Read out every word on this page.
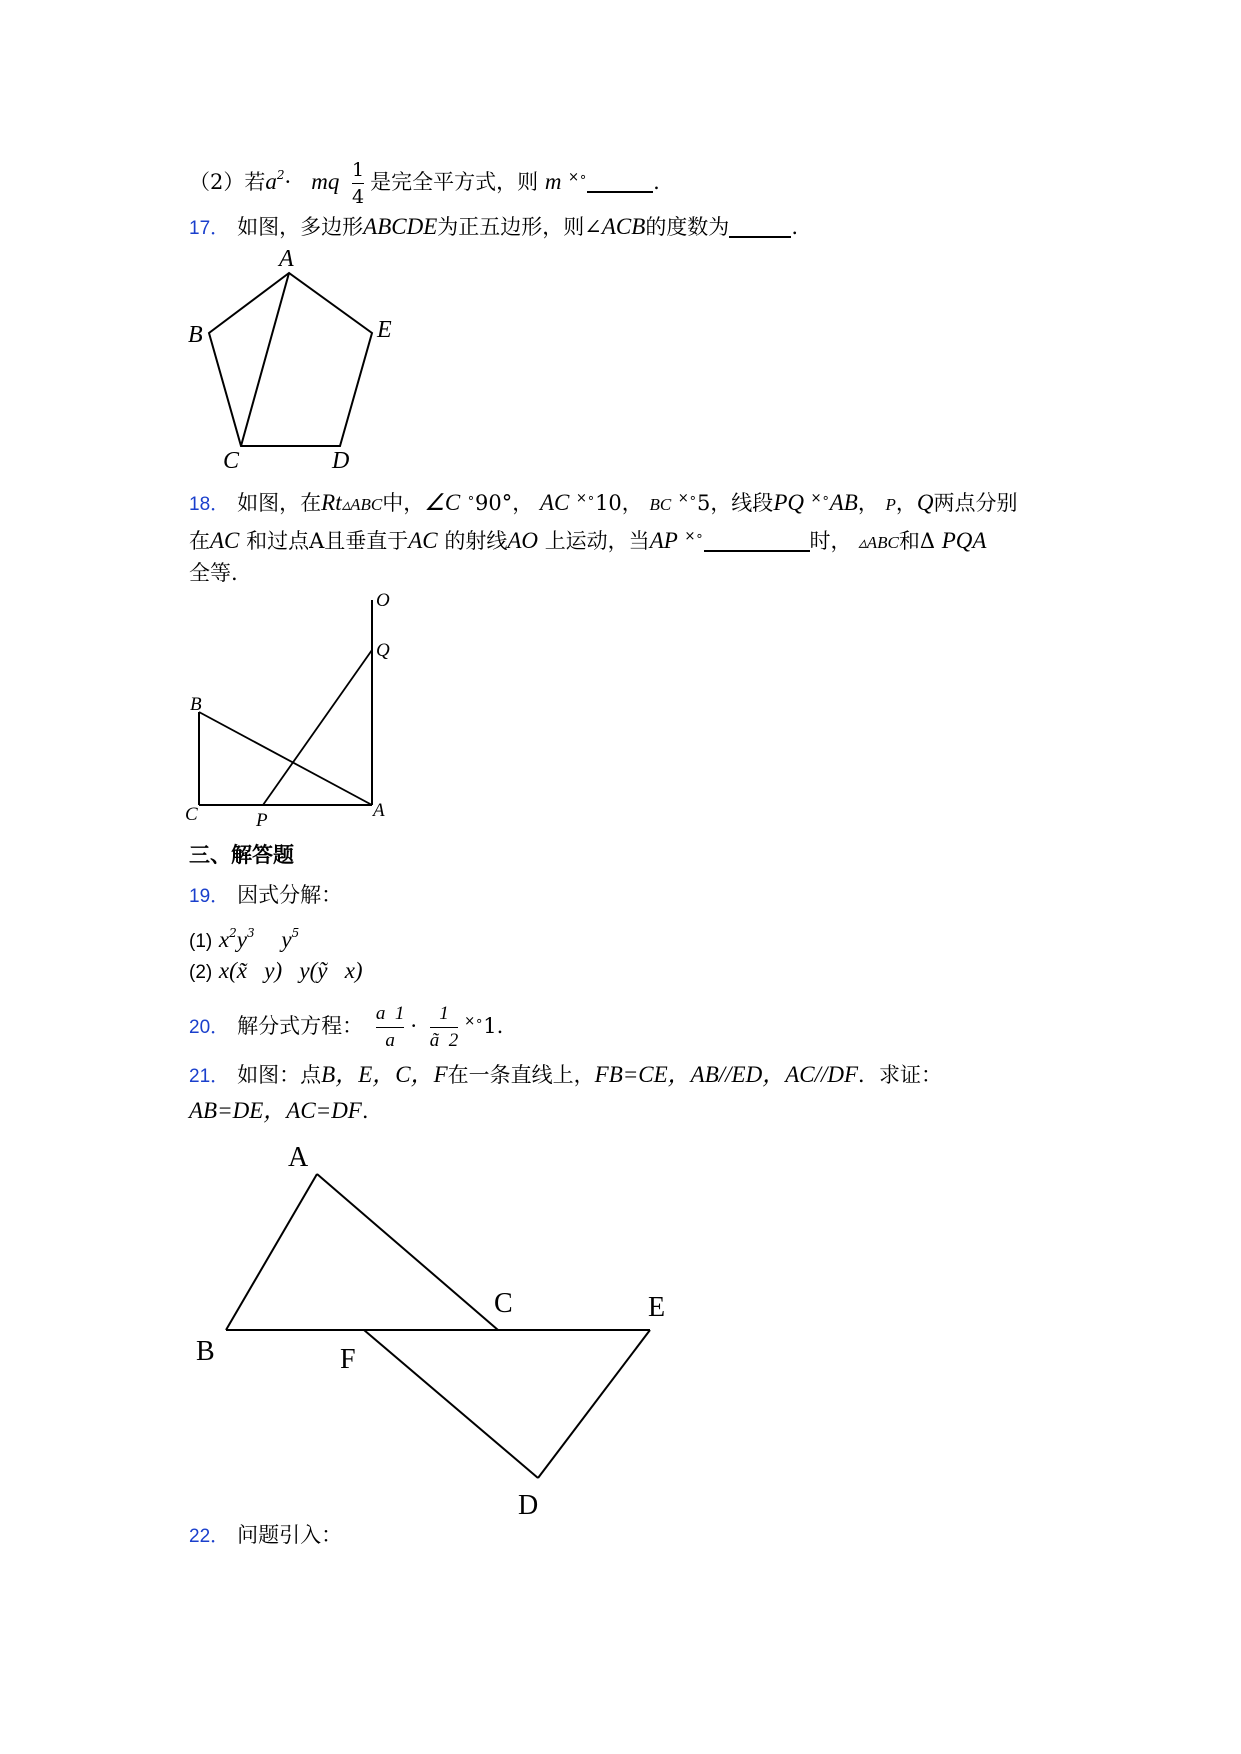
（2）若$a^2\cdot$ mq $\frac{1}{4}$ 是完全平方式，则 m ×∘	.
17． 如图，多边形ABCDE为正五边形，则∠ACB的度数为	.
A
B
C	D
E
18． 如图，在Rt▵ABC中，∠C ∘90°， AC ×∘10， BC ×∘5，线段PQ ×∘AB， P，Q两点分别
在AC 和过点A且垂直于AC 的射线AO 上运动，当AP ×∘	时， ▵ABC和Δ PQA
全等.
O
Q
B
C	P	A
三、解答题
19． 因式分解：
(1) $x^2y^3$ $y^5$
(2) x(x̃   y)   y(ỹ   x)
20． 解分式方程： $\frac{a 1}{a} \cdot \frac{1}{ã 2} ^{\times\circ}1$.
21． 如图：点B，E，C，F在一条直线上，FB=CE，AB//ED，AC//DF．求证：
AB=DE，AC=DF.
A
B
C
D
E
F
22． 问题引入：
